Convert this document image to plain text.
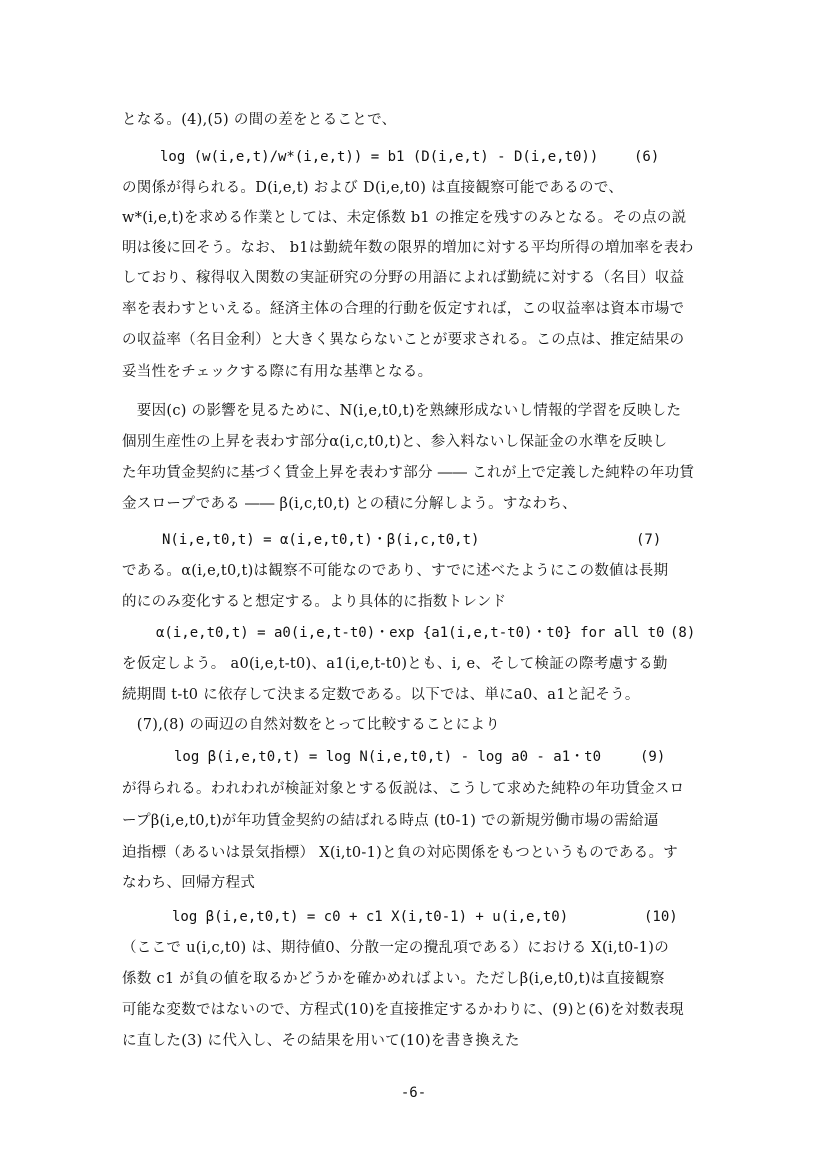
となる。(4),(5) の間の差をとることで、
log (w(i,e,t)/w*(i,e,t)) = b1 (D(i,e,t) - D(i,e,t0))	(6)
の関係が得られる。D(i,e,t) および D(i,e,t0) は直接観察可能であるので、
w*(i,e,t)を求める作業としては、未定係数 b1 の推定を残すのみとなる。その点の説
明は後に回そう。なお、 b1は勤続年数の限界的増加に対する平均所得の増加率を表わ
しており、稼得収入関数の実証研究の分野の用語によれば勤続に対する（名目）収益
率を表わすといえる。経済主体の合理的行動を仮定すれば，この収益率は資本市場で
の収益率（名目金利）と大きく異ならないことが要求される。この点は、推定結果の
妥当性をチェックする際に有用な基準となる。
　要因(c) の影響を見るために、N(i,e,t0,t)を熟練形成ないし情報的学習を反映した
個別生産性の上昇を表わす部分α(i,c,t0,t)と、参入料ないし保証金の水準を反映し
た年功賃金契約に基づく賃金上昇を表わす部分 ―― これが上で定義した純粋の年功賃
金スロープである ―― β(i,c,t0,t) との積に分解しよう。すなわち、
N(i,e,t0,t) = α(i,e,t0,t)・β(i,c,t0,t)	(7)
である。α(i,e,t0,t)は観察不可能なのであり、すでに述べたようにこの数値は長期
的にのみ変化すると想定する。より具体的に指数トレンド
α(i,e,t0,t) = a0(i,e,t-t0)・exp {a1(i,e,t-t0)・t0} for all t0 (8)
を仮定しよう。 a0(i,e,t-t0)、a1(i,e,t-t0)とも、i, e、そして検証の際考慮する勤
続期間 t-t0 に依存して決まる定数である。以下では、単にa0、a1と記そう。
　(7),(8) の両辺の自然対数をとって比較することにより
log β(i,e,t0,t) = log N(i,e,t0,t) - log a0 - a1・t0	(9)
が得られる。われわれが検証対象とする仮説は、こうして求めた純粋の年功賃金スロ
ープβ(i,e,t0,t)が年功賃金契約の結ばれる時点 (t0-1) での新規労働市場の需給逼
迫指標（あるいは景気指標） X(i,t0-1)と負の対応関係をもつというものである。す
なわち、回帰方程式
log β(i,e,t0,t) = c0 + c1 X(i,t0-1) + u(i,e,t0)	(10)
（ここで u(i,c,t0) は、期待値0、分散一定の攪乱項である）における X(i,t0-1)の
係数 c1 が負の値を取るかどうかを確かめればよい。ただしβ(i,e,t0,t)は直接観察
可能な変数ではないので、方程式(10)を直接推定するかわりに、(9)と(6)を対数表現
に直した(3) に代入し、その結果を用いて(10)を書き換えた
-6-
